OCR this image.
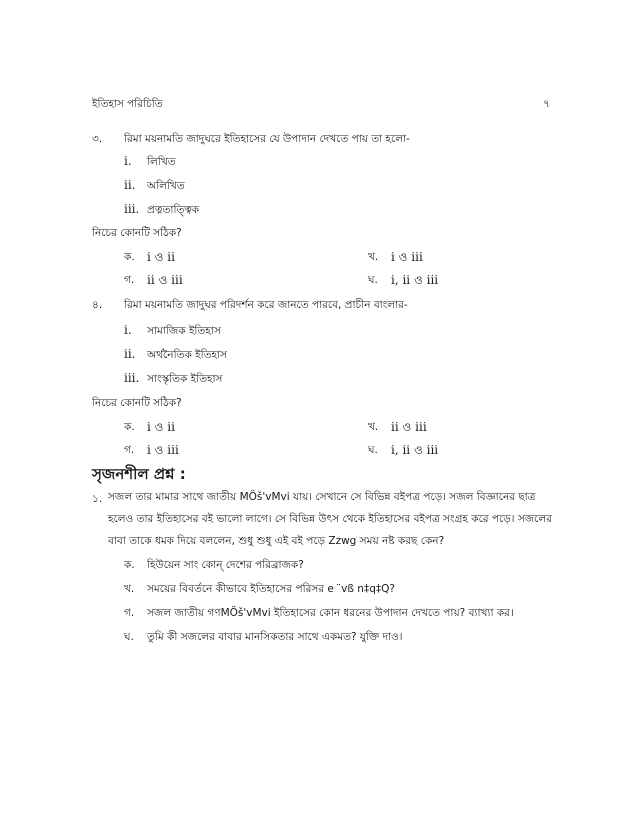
ইতিহাস পরিচিতি	৭
৩. রিমা ময়নামতি জাদুঘরে ইতিহাসের যে উপাদান দেখতে পায় তা হলো-
i. লিখিত
ii. অলিখিত
iii. প্রত্নতাত্ত্বিক
নিচের কোনটি সঠিক?
ক. i ও ii	খ. i ও iii
গ. ii ও iii	ঘ. i, ii ও iii
৪. রিমা ময়নামতি জাদুঘর পরিদর্শন করে জানতে পারবে, প্রাচীন বাংলার-
i. সামাজিক ইতিহাস
ii. অর্থনৈতিক ইতিহাস
iii. সাংস্কৃতিক ইতিহাস
নিচের কোনটি সঠিক?
ক. i ও ii	খ. ii ও iii
গ. i ও iii	ঘ. i, ii ও iii
সৃজনশীল প্রশ্ন :
১. সজল তার মামার সাথে জাতীয় MÖš'vMvi যায়। সেখানে সে বিভিন্ন বইপত্র পড়ে। সজল বিজ্ঞানের ছাত্র হলেও তার ইতিহাসের বই ভালো লাগে। সে বিভিন্ন উৎস থেকে ইতিহাসের বইপত্র সংগ্রহ করে পড়ে। সজলের বাবা তাকে ধমক দিয়ে বললেন, শুধু শুধু এই বই পড়ে Zzwg সময় নষ্ট করছ কেন?
ক. হিউয়েন সাং কোন্ দেশের পরিব্রাজক?
খ. সময়ের বিবর্তনে কীভাবে ইতিহাসের পরিসর e ¨vß n‡q‡Q?
গ. সজল জাতীয় গণMÖš'vMvi ইতিহাসের কোন ধরনের উপাদান দেখতে পায়? ব্যাখ্যা কর।
ঘ. তুমি কী সজলের বাবার মানসিকতার সাথে একমত? যুক্তি দাও।
